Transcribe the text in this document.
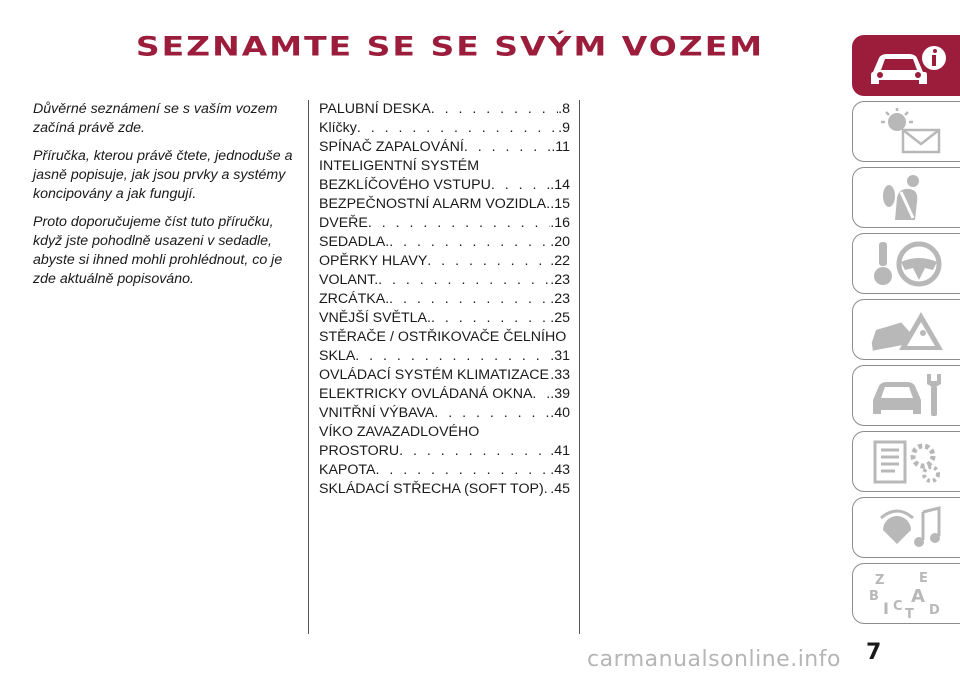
SEZNAMTE SE SE SVÝM VOZEM

Důvěrné seznámení se s vaším vozem začíná právě zde.

Příručka, kterou právě čtete, jednoduše a jasně popisuje, jak jsou prvky a systémy koncipovány a jak fungují.

Proto doporučujeme číst tuto příručku, když jste pohodlně usazeni v sedadle, abyste si ihned mohli prohlédnout, co je zde aktuálně popisováno.

PALUBNÍ DESKA . . .	.8
Klíčky . . .	.9
SPÍNAČ ZAPALOVÁNÍ . . .	.11
INTELIGENTNÍ SYSTÉM
BEZKLÍČOVÉHO VSTUPU . . .	.14
BEZPEČNOSTNÍ ALARM VOZIDLA . . . .15
DVEŘE . . .	.16
SEDADLA. . . .	.20
OPĚRKY HLAVY . . .	.22
VOLANT. . . .	.23
ZRCÁTKA. . . .	.23
VNĚJŠÍ SVĚTLA. . . .	.25
STĚRAČE / OSTŘIKOVAČE ČELNÍHO
SKLA . . .	.31
OVLÁDACÍ SYSTÉM KLIMATIZACE . . . .33
ELEKTRICKY OVLÁDANÁ OKNA . . . .39
VNITŘNÍ VÝBAVA . . .	.40
VÍKO ZAVAZADLOVÉHO
PROSTORU . . .	.41
KAPOTA . . .	.43
SKLÁDACÍ STŘECHA (SOFT TOP) . . . .45
Z	E
B A
I C D
T
7
carmanualsonline.info
